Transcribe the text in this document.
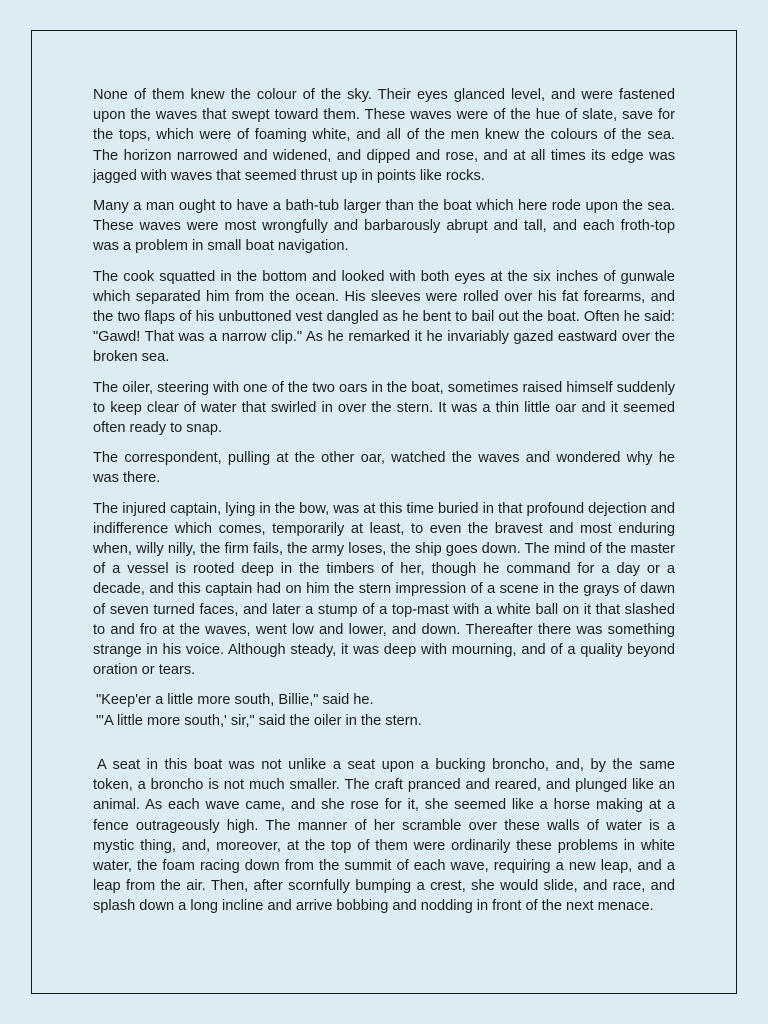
None of them knew the colour of the sky. Their eyes glanced level, and were fastened upon the waves that swept toward them. These waves were of the hue of slate, save for the tops, which were of foaming white, and all of the men knew the colours of the sea. The horizon narrowed and widened, and dipped and rose, and at all times its edge was jagged with waves that seemed thrust up in points like rocks.

Many a man ought to have a bath-tub larger than the boat which here rode upon the sea. These waves were most wrongfully and barbarously abrupt and tall, and each froth-top was a problem in small boat navigation.

The cook squatted in the bottom and looked with both eyes at the six inches of gunwale which separated him from the ocean. His sleeves were rolled over his fat forearms, and the two flaps of his unbuttoned vest dangled as he bent to bail out the boat. Often he said: "Gawd! That was a narrow clip." As he remarked it he invariably gazed eastward over the broken sea.

The oiler, steering with one of the two oars in the boat, sometimes raised himself suddenly to keep clear of water that swirled in over the stern. It was a thin little oar and it seemed often ready to snap.

The correspondent, pulling at the other oar, watched the waves and wondered why he was there.

The injured captain, lying in the bow, was at this time buried in that profound dejection and indifference which comes, temporarily at least, to even the bravest and most enduring when, willy nilly, the firm fails, the army loses, the ship goes down. The mind of the master of a vessel is rooted deep in the timbers of her, though he command for a day or a decade, and this captain had on him the stern impression of a scene in the grays of dawn of seven turned faces, and later a stump of a top-mast with a white ball on it that slashed to and fro at the waves, went low and lower, and down. Thereafter there was something strange in his voice. Although steady, it was deep with mourning, and of a quality beyond oration or tears.

"Keep'er a little more south, Billie," said he.
"'A little more south,' sir," said the oiler in the stern.

A seat in this boat was not unlike a seat upon a bucking broncho, and, by the same token, a broncho is not much smaller. The craft pranced and reared, and plunged like an animal. As each wave came, and she rose for it, she seemed like a horse making at a fence outrageously high. The manner of her scramble over these walls of water is a mystic thing, and, moreover, at the top of them were ordinarily these problems in white water, the foam racing down from the summit of each wave, requiring a new leap, and a leap from the air. Then, after scornfully bumping a crest, she would slide, and race, and splash down a long incline and arrive bobbing and nodding in front of the next menace.
